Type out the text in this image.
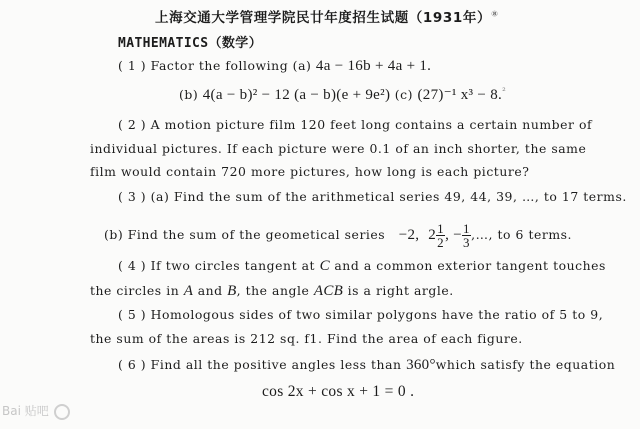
上海交通大学管理学院民廿年度招生试题（1931年）⑧
MATHEMATICS（数学）
( 1 ) Factor the following (a) 4a − 16b + 4a + 1.
(b) 4(a − b)² − 12 (a − b)(e + 9e²) (c) (27)⁻¹ x³ − 8.$^{^2}$
( 2 ) A motion picture film 120 feet long contains a certain number of
individual pictures. If each picture were 0.1 of an inch shorter, the same
film would contain 720 more pictures, how long is each picture?
( 3 ) (a) Find the sum of the arithmetical series 49, 44, 39, …, to 17 terms.
(b) Find the sum of the geometical series −2, $2 \frac{1}{2}$ , − $\frac{1}{3}$ ,…, to 6 terms.
( 4 ) If two circles tangent at C and a common exterior tangent touches
the circles in A and B, the angle ACB is a right argle.
( 5 ) Homologous sides of two similar polygons have the ratio of 5 to 9,
the sum of the areas is 212 sq. f1. Find the area of each figure.
( 6 ) Find all the positive angles less than 360°which satisfy the equation
cos 2x + cos x + 1 = 0 .
Bai 贴吧
